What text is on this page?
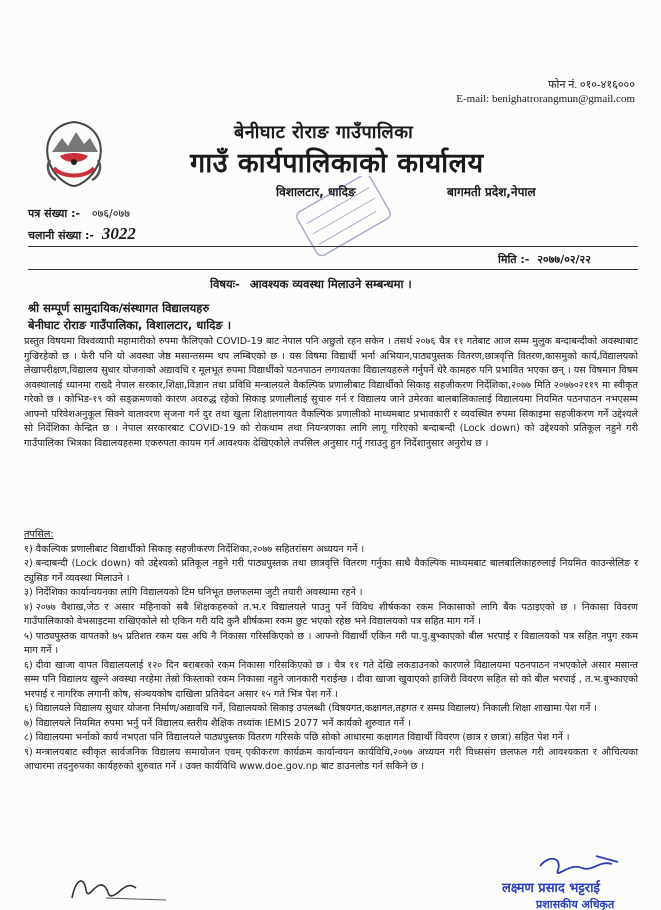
फोन नं. ०१०-४१६०००
E-mail: benighatrorangmun@gmail.com
बेनीघाट रोराङ गाउँपालिका
गाउँ कार्यपालिकाको कार्यालय
विशालटार, धादिङ	बागमती प्रदेश,नेपाल
पत्र संख्या :- ०७६/०७७
चलानी संख्या :- 3022
मिति :- २०७७/०२/२२
विषयः- आवश्यक व्यवस्था मिलाउने सम्बन्धमा ।
श्री सम्पूर्ण सामुदायिक/संस्थागत विद्यालयहरु
बेनीघाट रोराङ गाउँपालिका, विशालटार, धादिङ ।

प्रस्तुत विषयमा विश्वव्यापी महामारीको रुपमा फैलिएको COVID-19 बाट नेपाल पनि अछुतो रहन सकेन । तसर्थ २०७६ चैत्र ११ गतेबाट आज सम्म मुलुक बन्दाबन्दीको अवस्थाबाट गुज्रिरहेको छ । फेरी पनि यो अवस्था जेष्ठ मसान्तसम्म थप लम्बिएको छ । यस विषमा विद्यार्थी भर्ना अभियान,पाठ्यपुस्तक वितरण,छात्रवृत्ति वितरण,कासमुको कार्य,विद्यालयको लेखापरीक्षण,विद्यालय सुधार योजनाको अद्यावधि र मूलभूत रुपमा विद्यार्थीको पठनपाठन लगायतका विद्यालयहरुले गर्नुपर्ने धेरै कामहरु पनि प्रभावित भएका छन् । यस विषमान विषम अवस्थालाई ध्यानमा राख्दै नेपाल सरकार,शिक्षा,विज्ञान तथा प्रविधि मन्त्रालयले वैकल्पिक प्रणालीबाट विद्यार्थीको सिकाइ सहजीकरण निर्देशिका,२०७७ मिति २०७७०२११९ मा स्वीकृत गरेको छ । कोभिड-१९ को सङ्क्रमणको कारण अवरुद्ध रहेको सिकाइ प्रणालीलाई सुचारु गर्न र विद्यालय जाने उमेरका बालबालिकालाई विद्यालयमा नियमित पठनपाठन नभएसम्म आफ्नो परिवेशअनुकूल सिक्ने वातावरण सृजना गर्न दुर तथा खुला शिक्षालगायत वैकल्पिक प्रणालीको माध्यमबाट प्रभावकारी र व्यवस्थित रुपमा सिकाइमा सहजीकरण गर्ने उद्देश्यले सो निर्देशिका केन्द्रित छ । नेपाल सरकारबाट COVID-19 को रोकथाम तथा नियन्त्रणका लागि लागू गरिएको बन्दाबन्दी (Lock down) को उद्देश्यको प्रतिकूल नहुने गरी गाउँपालिका भित्रका विद्यालयहरुमा एकरुपता कायम गर्न आवश्यक देखिएकोले तपसिल अनुसार गर्नु गराउनु हुन निर्देशानुसार अनुरोध छ ।

तपसिल:

१) वैकल्पिक प्रणालीबाट विद्यार्थीको सिकाइ सहजीकरण निर्देशिका,२०७७ सहितरांसग अध्ययन गर्ने ।
२) बन्दाबन्दी (Lock down) को उद्देश्यको प्रतिकूल नहुने गरी पाठ्यपुस्तक तथा छात्रवृत्ति वितरण गर्नुका साथै वैकल्पिक माध्यमबाट बालबालिकाहरुलाई नियमित काउन्सेलिङ र ट्युसिङ गर्ने व्यवस्था मिलाउने ।
३) निर्देशिका कार्यान्वयनका लागि विद्यालयको टिम घनिभूत छलफलमा जुटी तयारी अवस्थामा रहने ।
४) २०७७ वैशाख,जेठ र असार महिनाको सबै शिक्षकहरुको त.भ.र विद्यालयले पाउनु पर्ने विविध शीर्षकका रकम निकासाको लागि बैंक पठाइएको छ । निकासा विवरण गाउँपालिकाको वेभसाइटमा राखिएकोले सो एकिन गरी यदि कुनै शीर्षकमा रकम छुट भएको रहेछ भने विद्यालयको पत्र सहित माग गर्ने ।
५) पाठ्यपुस्तक वापतको ७५ प्रतिशत रकम यस अघि नै निकासा गरिसकिएको छ । आफ्नो विद्यार्थी एकिन गरी पा.पु.बुभ्काएको बील भरपाई र विद्यालयको पत्र सहित नपुग रकम माग गर्ने ।
६) दीवा खाजा वापत विद्यालयलाई १२० दिन बराबरको रकम निकासा गरिसकिएको छ । चैत्र ११ गते देखि लकडाउनको कारणले विद्यालयमा पठनपाठन नभएकोले असार मसान्त सम्म पनि विद्यालय खुल्ने अवस्था नरहेमा तेस्रो किस्ताको रकम निकासा नहुने जानकारी गराईन्छ । दीवा खाजा खुवाएको हाजिरी विवरण सहित सो को बील भरपाई , त.भ.बुभ्काएको भरपाई र नागरिक लगानी कोष, संञ्चयकोष दाखिला प्रतिवेदन असार १५ गते भित्र पेश गर्ने ।
६) विद्यालयले विद्यालय सुधार योजना निर्माण/अद्यावधि गर्ने, विद्यालयको सिकाइ उपलब्धी (विषयगत,कक्षागत,तहगत र समग्र विद्यालय) निकाली शिक्षा शाखामा पेश गर्ने ।
७) विद्यालयले नियमित रुपमा भर्नु पर्ने विद्यालय स्तरीय शैक्षिक तथ्यांक IEMIS 2077 भर्ने कार्यको शुरुवात गर्ने ।
८) विद्यालयमा भर्नाको कार्य नभएता पनि विद्यालयले पाठ्यपुस्तक वितरण गरिसके पछि सोको आधारमा कक्षागत विद्यार्थी विवरण (छात्र र छात्रा) सहित पेश गर्ने ।
९) मन्त्रालयबाट स्वीकृत सार्वजनिक विद्यालय समायोजन एवम् एकीकरण कार्यक्रम कार्यान्वयन कार्यविधि,२०७७ अध्ययन गरी विध्ससंग छलफल गरी आवश्यकता र औचित्यका आधारमा तदनुरुपका कार्यहरुको शुरुवात गर्ने । उक्त कार्यविधि www.doe.gov.np बाट डाउनलोड गर्न सकिने छ ।
लक्ष्मण प्रसाद भट्टराई
प्रशासकीय अधिकृत
